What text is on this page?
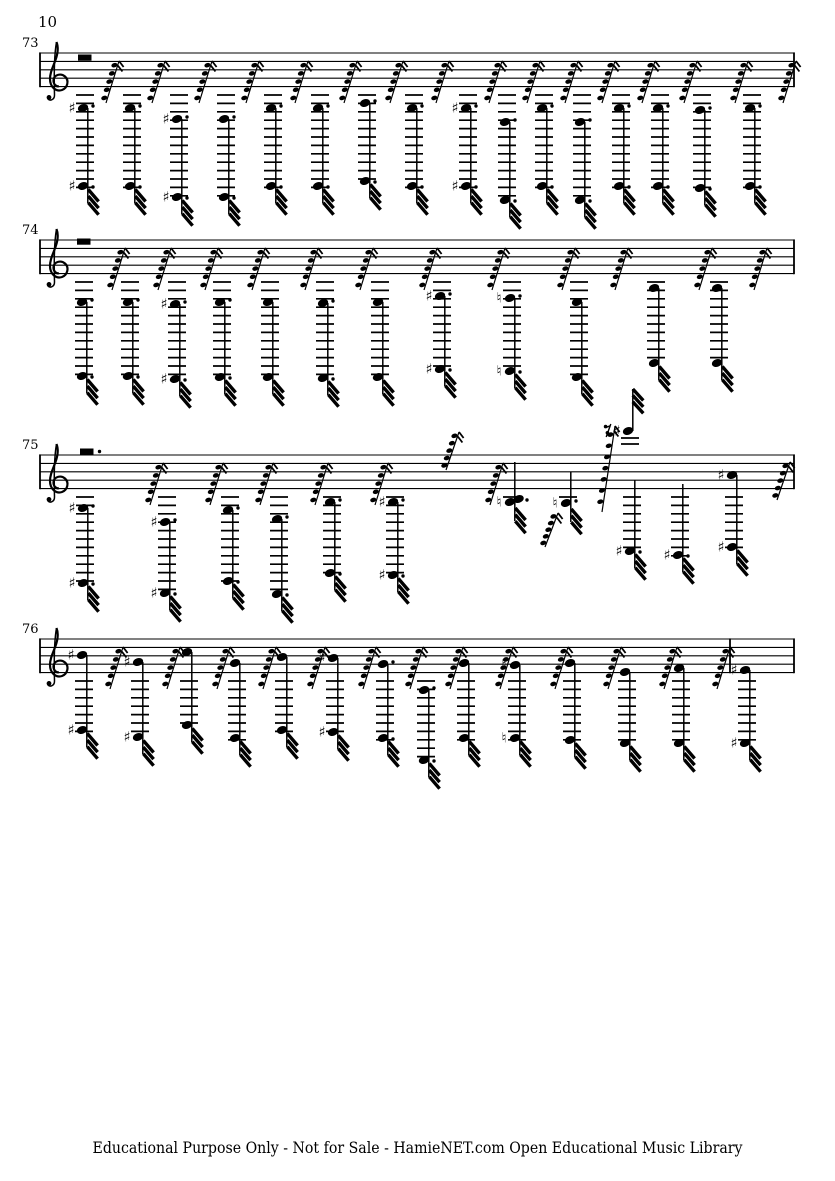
10
73
♯
♯
♯
♯
♯
♯
74
♯
♯
♯
♯
♮
♮
75
♯
♯
♯
♯
♯
♯
♮	♮
♯
♯	♯
♯
♯
76
♯
♯
♯
♯
♯
♯
♮
♮
♯
♯
Educational Purpose Only - Not for Sale - HamieNET.com Open Educational Music Library
